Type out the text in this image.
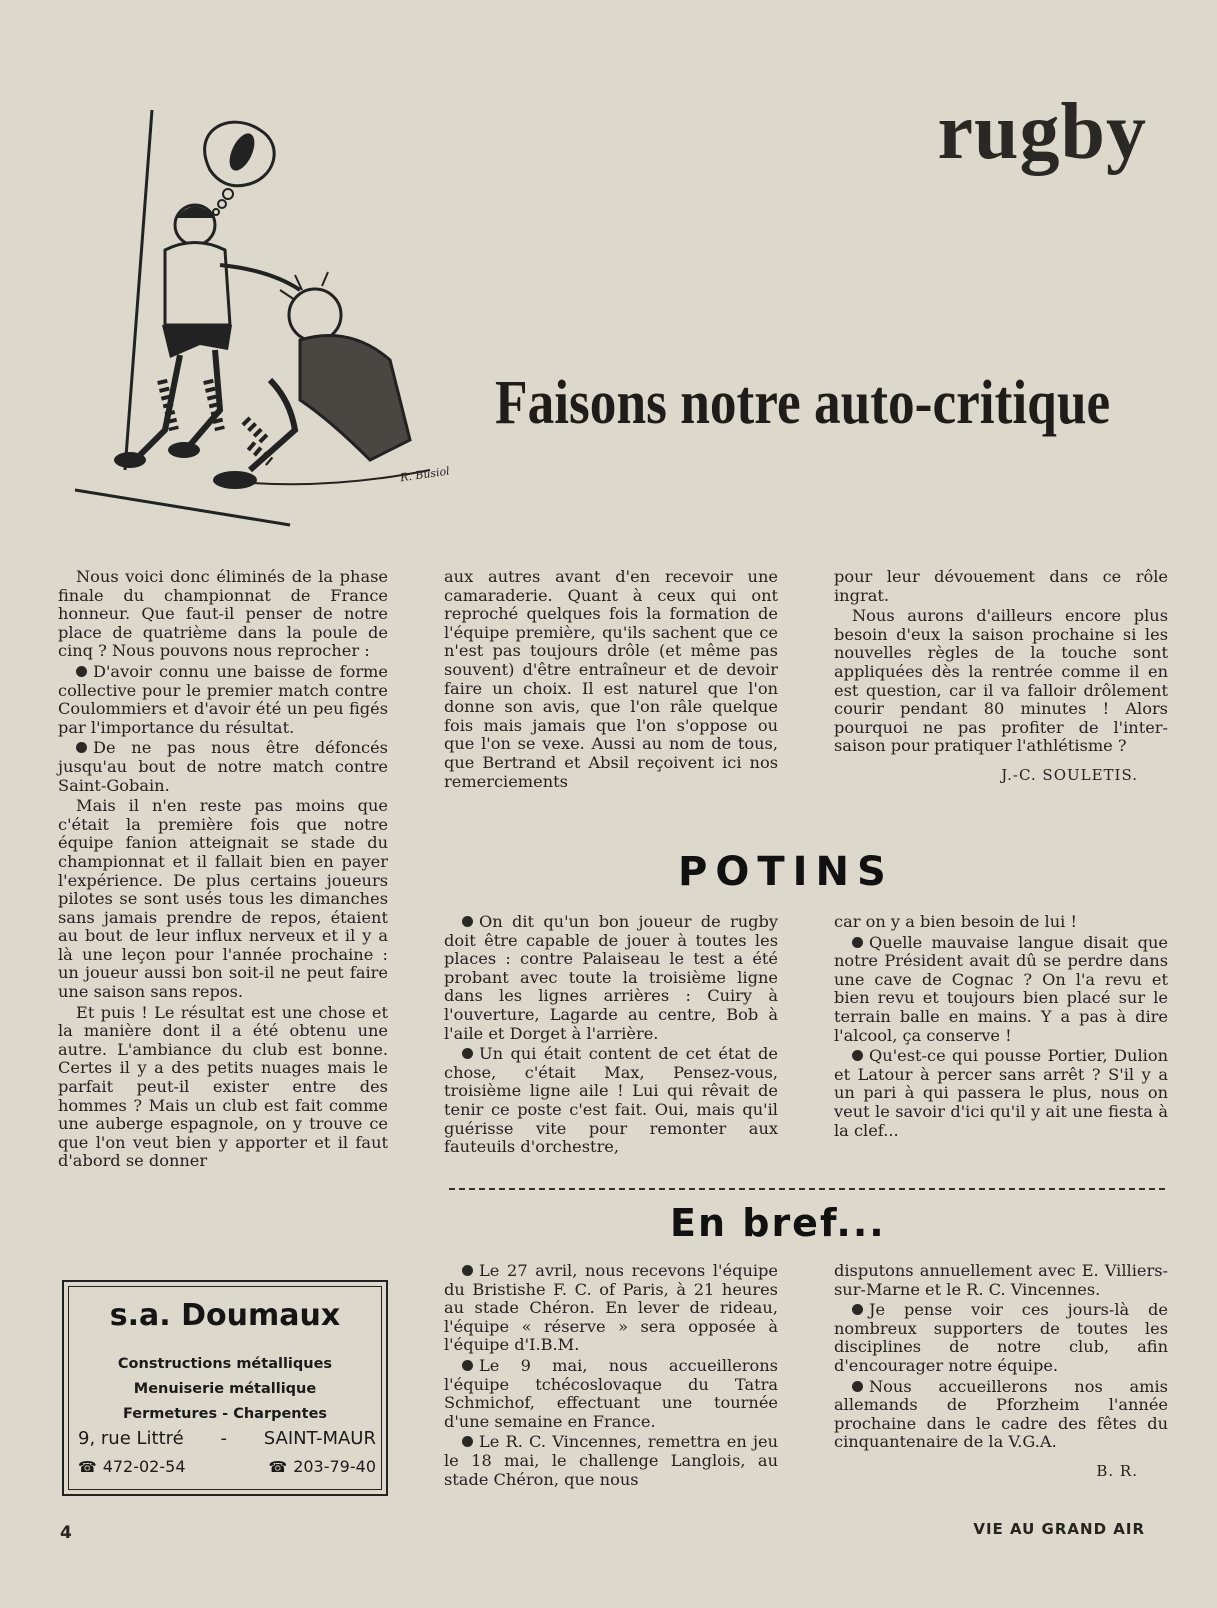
rugby
R. Busiol
Faisons notre auto-critique

Nous voici donc éliminés de la phase finale du championnat de France honneur. Que faut-il penser de notre place de quatrième dans la poule de cinq ? Nous pouvons nous reprocher :

D'avoir connu une baisse de forme collective pour le premier match contre Coulommiers et d'avoir été un peu figés par l'importance du résultat.

De ne pas nous être défoncés jusqu'au bout de notre match contre Saint-Gobain.

Mais il n'en reste pas moins que c'était la première fois que notre équipe fanion atteignait se stade du championnat et il fallait bien en payer l'expérience. De plus certains joueurs pilotes se sont usés tous les dimanches sans jamais prendre de repos, étaient au bout de leur influx nerveux et il y a là une leçon pour l'année prochaine : un joueur aussi bon soit-il ne peut faire une saison sans repos.

Et puis ! Le résultat est une chose et la manière dont il a été obtenu une autre. L'ambiance du club est bonne. Certes il y a des petits nuages mais le parfait peut-il exister entre des hommes ? Mais un club est fait comme une auberge espagnole, on y trouve ce que l'on veut bien y apporter et il faut d'abord se donner

aux autres avant d'en recevoir une camaraderie. Quant à ceux qui ont reproché quelques fois la formation de l'équipe première, qu'ils sachent que ce n'est pas toujours drôle (et même pas souvent) d'être entraîneur et de devoir faire un choix. Il est naturel que l'on donne son avis, que l'on râle quelque fois mais jamais que l'on s'oppose ou que l'on se vexe. Aussi au nom de tous, que Bertrand et Absil reçoivent ici nos remerciements

pour leur dévouement dans ce rôle ingrat.

Nous aurons d'ailleurs encore plus besoin d'eux la saison prochaine si les nouvelles règles de la touche sont appliquées dès la rentrée comme il en est question, car il va falloir drôlement courir pendant 80 minutes ! Alors pourquoi ne pas profiter de l'inter-saison pour pratiquer l'athlétisme ?

J.-C. SOULETIS.

POTINS

On dit qu'un bon joueur de rugby doit être capable de jouer à toutes les places : contre Palaiseau le test a été probant avec toute la troisième ligne dans les lignes arrières : Cuiry à l'ouverture, Lagarde au centre, Bob à l'aile et Dorget à l'arrière.

Un qui était content de cet état de chose, c'était Max, Pensez-vous, troisième ligne aile ! Lui qui rêvait de tenir ce poste c'est fait. Oui, mais qu'il guérisse vite pour remonter aux fauteuils d'orchestre,

car on y a bien besoin de lui !

Quelle mauvaise langue disait que notre Président avait dû se perdre dans une cave de Cognac ? On l'a revu et bien revu et toujours bien placé sur le terrain balle en mains. Y a pas à dire l'alcool, ça conserve !

Qu'est-ce qui pousse Portier, Dulion et Latour à percer sans arrêt ? S'il y a un pari à qui passera le plus, nous on veut le savoir d'ici qu'il y ait une fiesta à la clef...

En bref...

Le 27 avril, nous recevons l'équipe du Bristishe F. C. of Paris, à 21 heures au stade Chéron. En lever de rideau, l'équipe « réserve » sera opposée à l'équipe d'I.B.M.

Le 9 mai, nous accueillerons l'équipe tchécoslovaque du Tatra Schmichof, effectuant une tournée d'une semaine en France.

Le R. C. Vincennes, remettra en jeu le 18 mai, le challenge Langlois, au stade Chéron, que nous

disputons annuellement avec E. Villiers-sur-Marne et le R. C. Vincennes.

Je pense voir ces jours-là de nombreux supporters de toutes les disciplines de notre club, afin d'encourager notre équipe.

Nous accueillerons nos amis allemands de Pforzheim l'année prochaine dans le cadre des fêtes du cinquantenaire de la V.G.A.

B. R.

s.a. Doumaux

Constructions métalliques
Menuiserie métallique
Fermetures - Charpentes
9, rue Littré - SAINT-MAUR
☎ 472-02-54	☎ 203-79-40

4	VIE AU GRAND AIR
